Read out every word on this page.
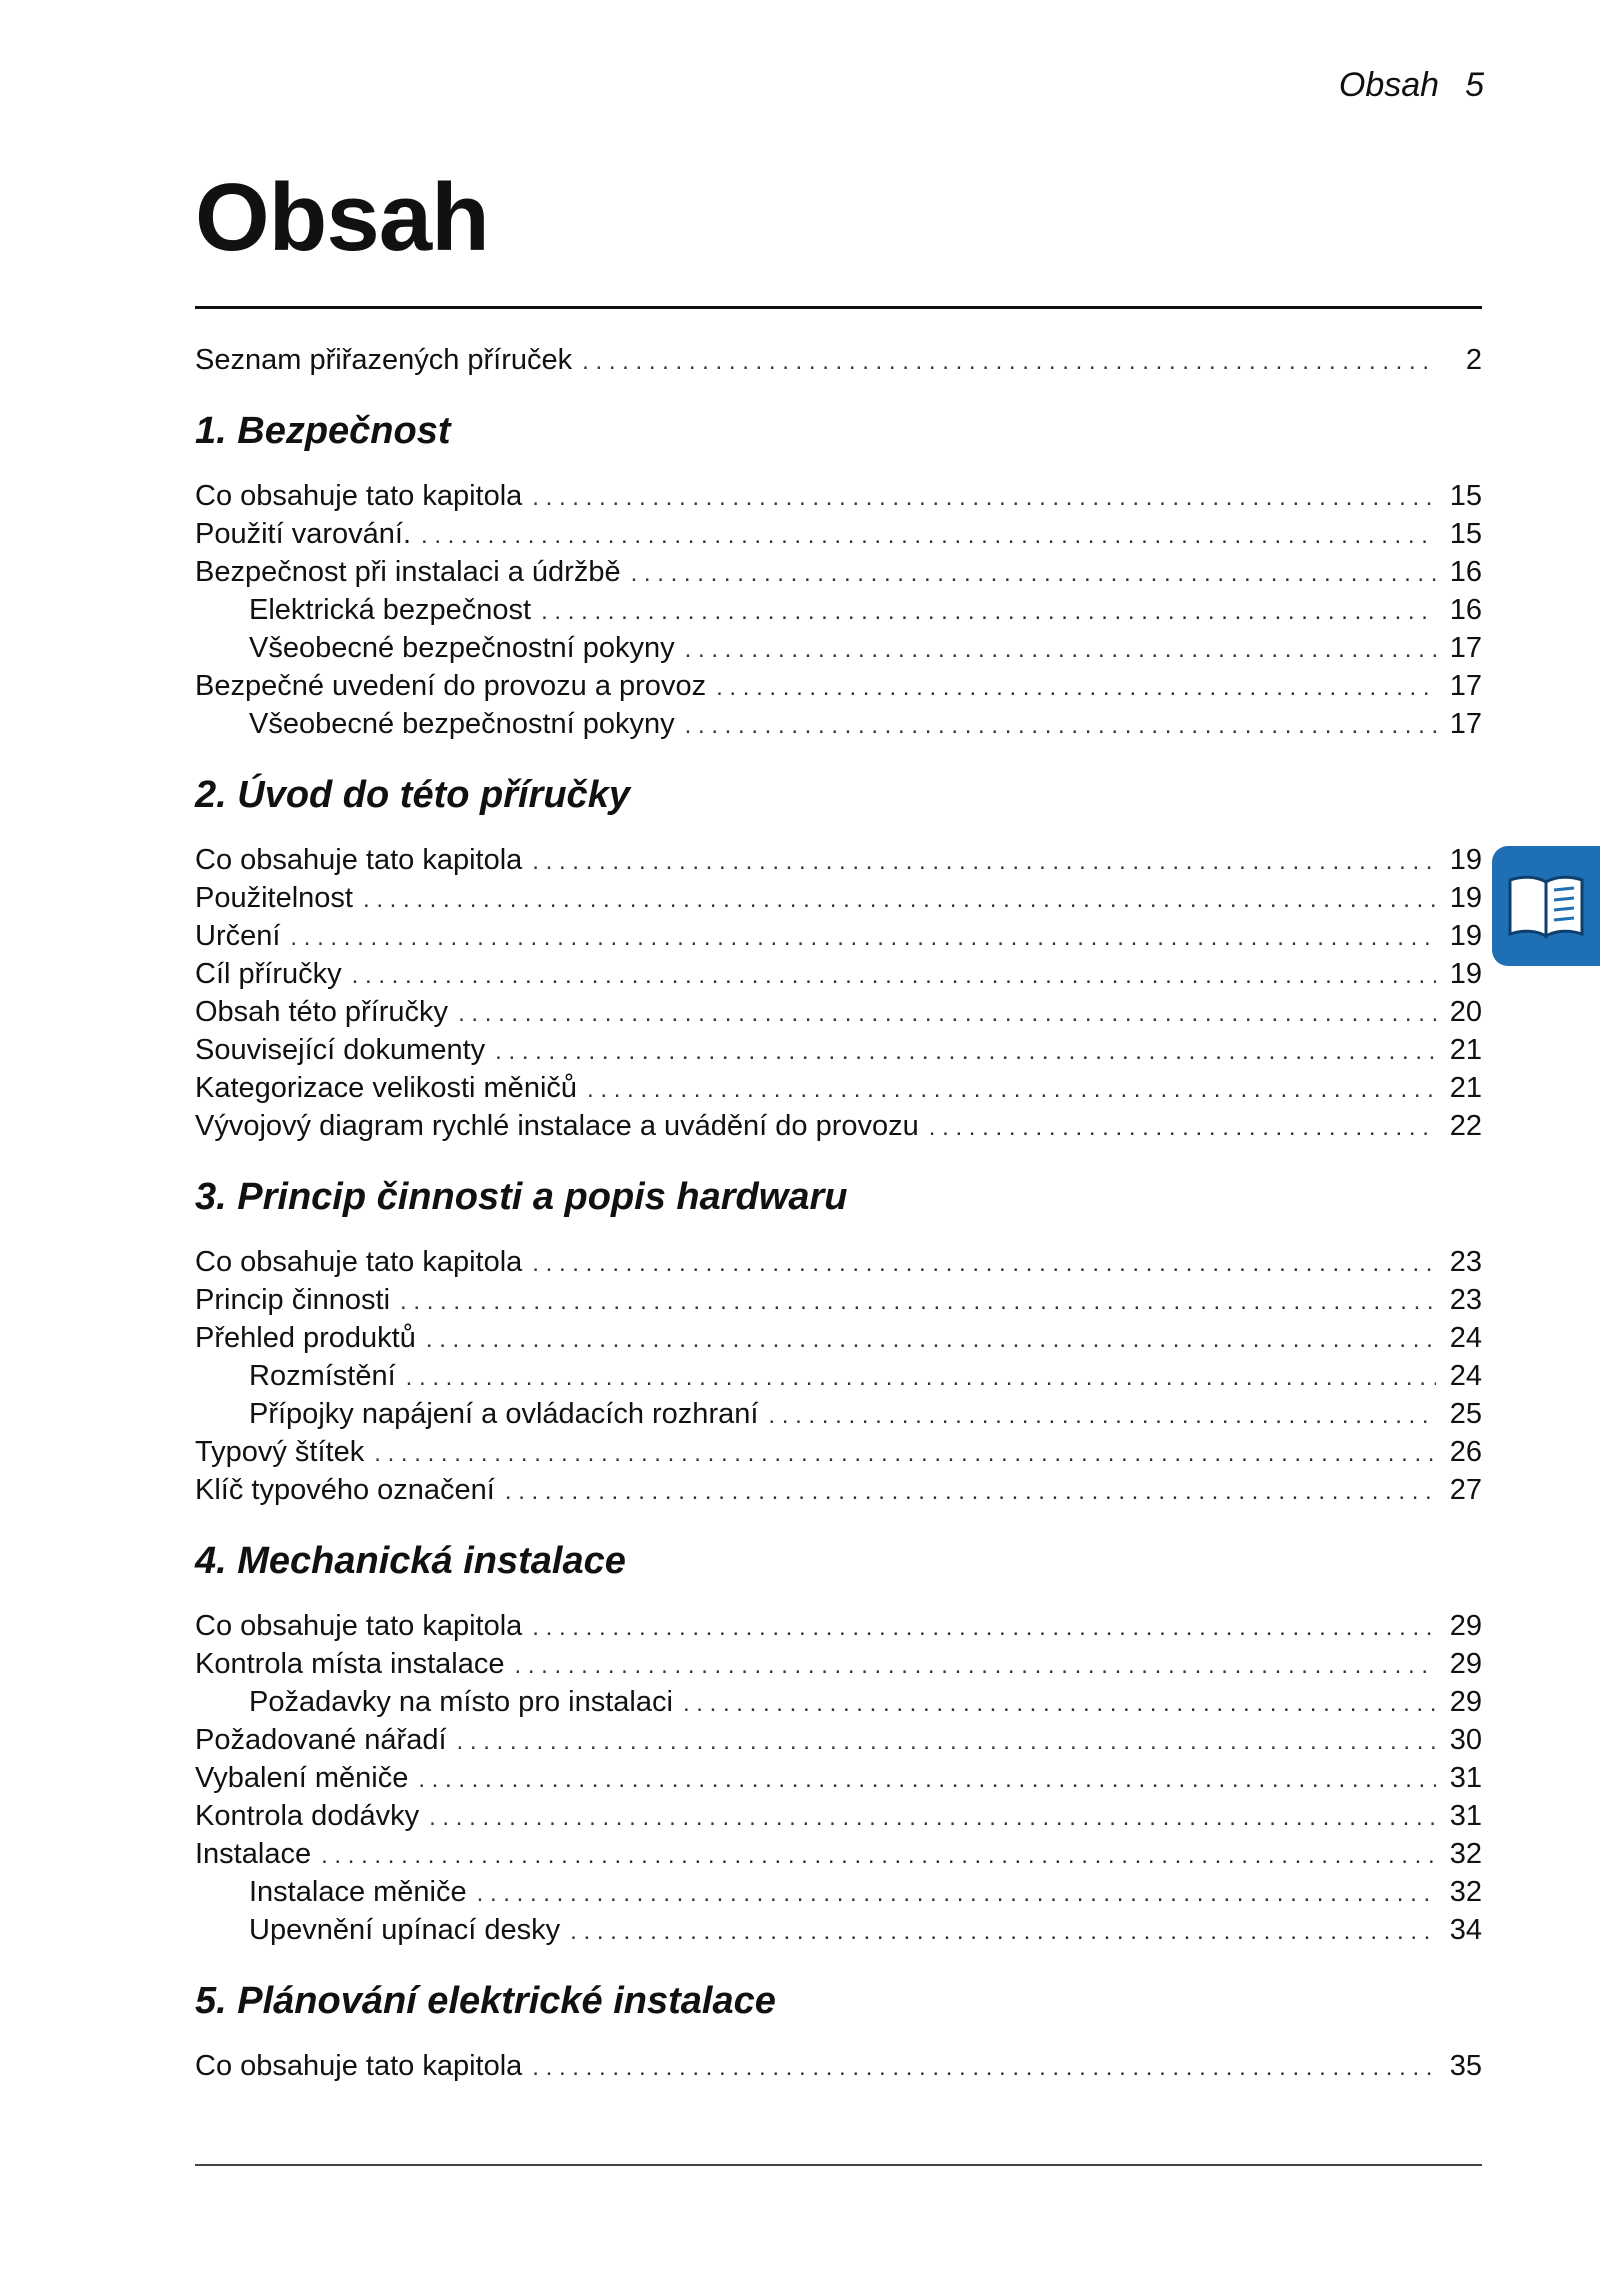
Obsah 5
Obsah
Seznam přiřazených příruček . . .	2
1. Bezpečnost
Co obsahuje tato kapitola . . .	15
Použití varování. . . .	15
Bezpečnost při instalaci a údržbě . . .	16
Elektrická bezpečnost . . .	16
Všeobecné bezpečnostní pokyny . . .	17
Bezpečné uvedení do provozu a provoz . . .	17
Všeobecné bezpečnostní pokyny . . .	17
2. Úvod do této příručky
Co obsahuje tato kapitola . . .	19
Použitelnost . . .	19
Určení . . .	19
Cíl příručky . . .	19
Obsah této příručky . . .	20
Související dokumenty . . .	21
Kategorizace velikosti měničů . . .	21
Vývojový diagram rychlé instalace a uvádění do provozu . . .	22
3. Princip činnosti a popis hardwaru
Co obsahuje tato kapitola . . .	23
Princip činnosti . . .	23
Přehled produktů . . .	24
Rozmístění . . .	24
Přípojky napájení a ovládacích rozhraní . . .	25
Typový štítek . . .	26
Klíč typového označení . . .	27
4. Mechanická instalace
Co obsahuje tato kapitola . . .	29
Kontrola místa instalace . . .	29
Požadavky na místo pro instalaci . . .	29
Požadované nářadí . . .	30
Vybalení měniče . . .	31
Kontrola dodávky . . .	31
Instalace . . .	32
Instalace měniče . . .	32
Upevnění upínací desky . . .	34
5. Plánování elektrické instalace
Co obsahuje tato kapitola . . .	35
